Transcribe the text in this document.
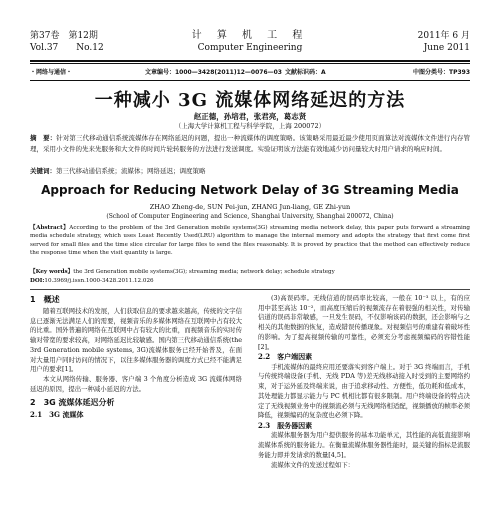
第37卷　第12期
Vol.37　　No.12
计 算 机 工 程
Computer Engineering
2011年 6 月
June 2011
・网络与通信・	文章编号：1000—3428(2011)12—0076—03 文献标识码：A	中图分类号：TP393
一种减小 3G 流媒体网络延迟的方法
赵正德，孙培君，张君亮，葛志贤
（上海大学计算机工程与科学学院，上海 200072）
摘　要：针对第三代移动通信系统流媒体存在网络延迟的问题，提出一种流媒体的调度策略。该策略采用最近最少使用页面算法对流媒体文件进行内存管理，采用小文件的先来先服务和大文件的时间片轮转服务的方法进行发送调度。实验证明该方法能有效地减少访问量较大时用户请求的响应时间。
关键词：第三代移动通信系统；流媒体；网络延迟；调度策略
Approach for Reducing Network Delay of 3G Streaming Media
ZHAO Zheng-de, SUN Pei-jun, ZHANG Jun-liang, GE Zhi-yun
(School of Computer Engineering and Science, Shanghai University, Shanghai 200072, China)
【Abstract】According to the problem of the 3rd Generation mobile systems(3G) streaming media network delay, this paper puts forward a streaming media schedule strategy, which uses Least Recently Used(LRU) algorithm to manage the internal memory and adopts the strategy that first come first served for small files and the time slice circular for large files to send the files reasonably. It is proved by practice that the method can effectively reduce the response time when the visit quantity is large.
【Key words】the 3rd Generation mobile systems(3G); streaming media; network delay; schedule strategy
DOI:10.3969/j.issn.1000-3428.2011.12.026
1　概述
随着互联网技术的发展，人们获取信息的要求越来越高，传统的文字信息已逐渐无法满足人们的需要，视频音乐的多媒体网络在互联网中占有较大的比重。国外普遍的网络在互联网中占有较大的比重，而视频音乐的实时传输对带宽的要求较高，对网络延迟比较敏感。国内第三代移动通信系统(the 3rd Generation mobile systems, 3G)流媒体服务已经开始普及，在面对大量用户同时访问的情况下，以往多媒体服务器的调度方式已经不能满足用户的要求[1]。
本文从网络传输、服务器、客户端 3 个角度分析造成 3G 流媒体网络延迟的原因，提出一种减小延迟的方法。
2　3G 流媒体延迟分析
2.1　3G 流媒体
(3)高误码率。无线信道的误码率比较高，一般在 10⁻³ 以上，有的应用中甚至高达 10⁻²，而高度压缩后的视频流存在着很强的相关性，对传输信道的误码非常敏感，一旦发生误码，不仅影响该码的数据，还会影响与之相关的其他数据的恢复，造成错误传播现象。对视频信号的重建有着破坏性的影响。为了提高视频传输的可靠性，必须充分考虑视频编码的容错性能[2]。
2.2　客户端因素
手机流媒体的最终应用还要落实到客户端上。对于 3G 终端而言，手机与传统终端设备(手机、无线 PDA 等)差无线移动接入时受到的主要网络约束，对于运外延及终端来说，由于追求移动性、方便性，低功耗和低成本，其处理能力都显示能力与 PC 机相比都有很多限制。用户终端设备的特点决定了无线视频业务中的视频流必须与无线网络相适配，视频播放的帧率必须降低，视频编码的复杂度也必须下降。
2.3　服务器因素
流媒体服务器为用户提供服务的基本功能单元，其性能的高低直接影响流媒体系统的服务能力。在衡量流媒体服务器性能时，最关键的指标是流服务能力即并发请求的数量[4,5]。
流媒体文件的发送过程如下：
